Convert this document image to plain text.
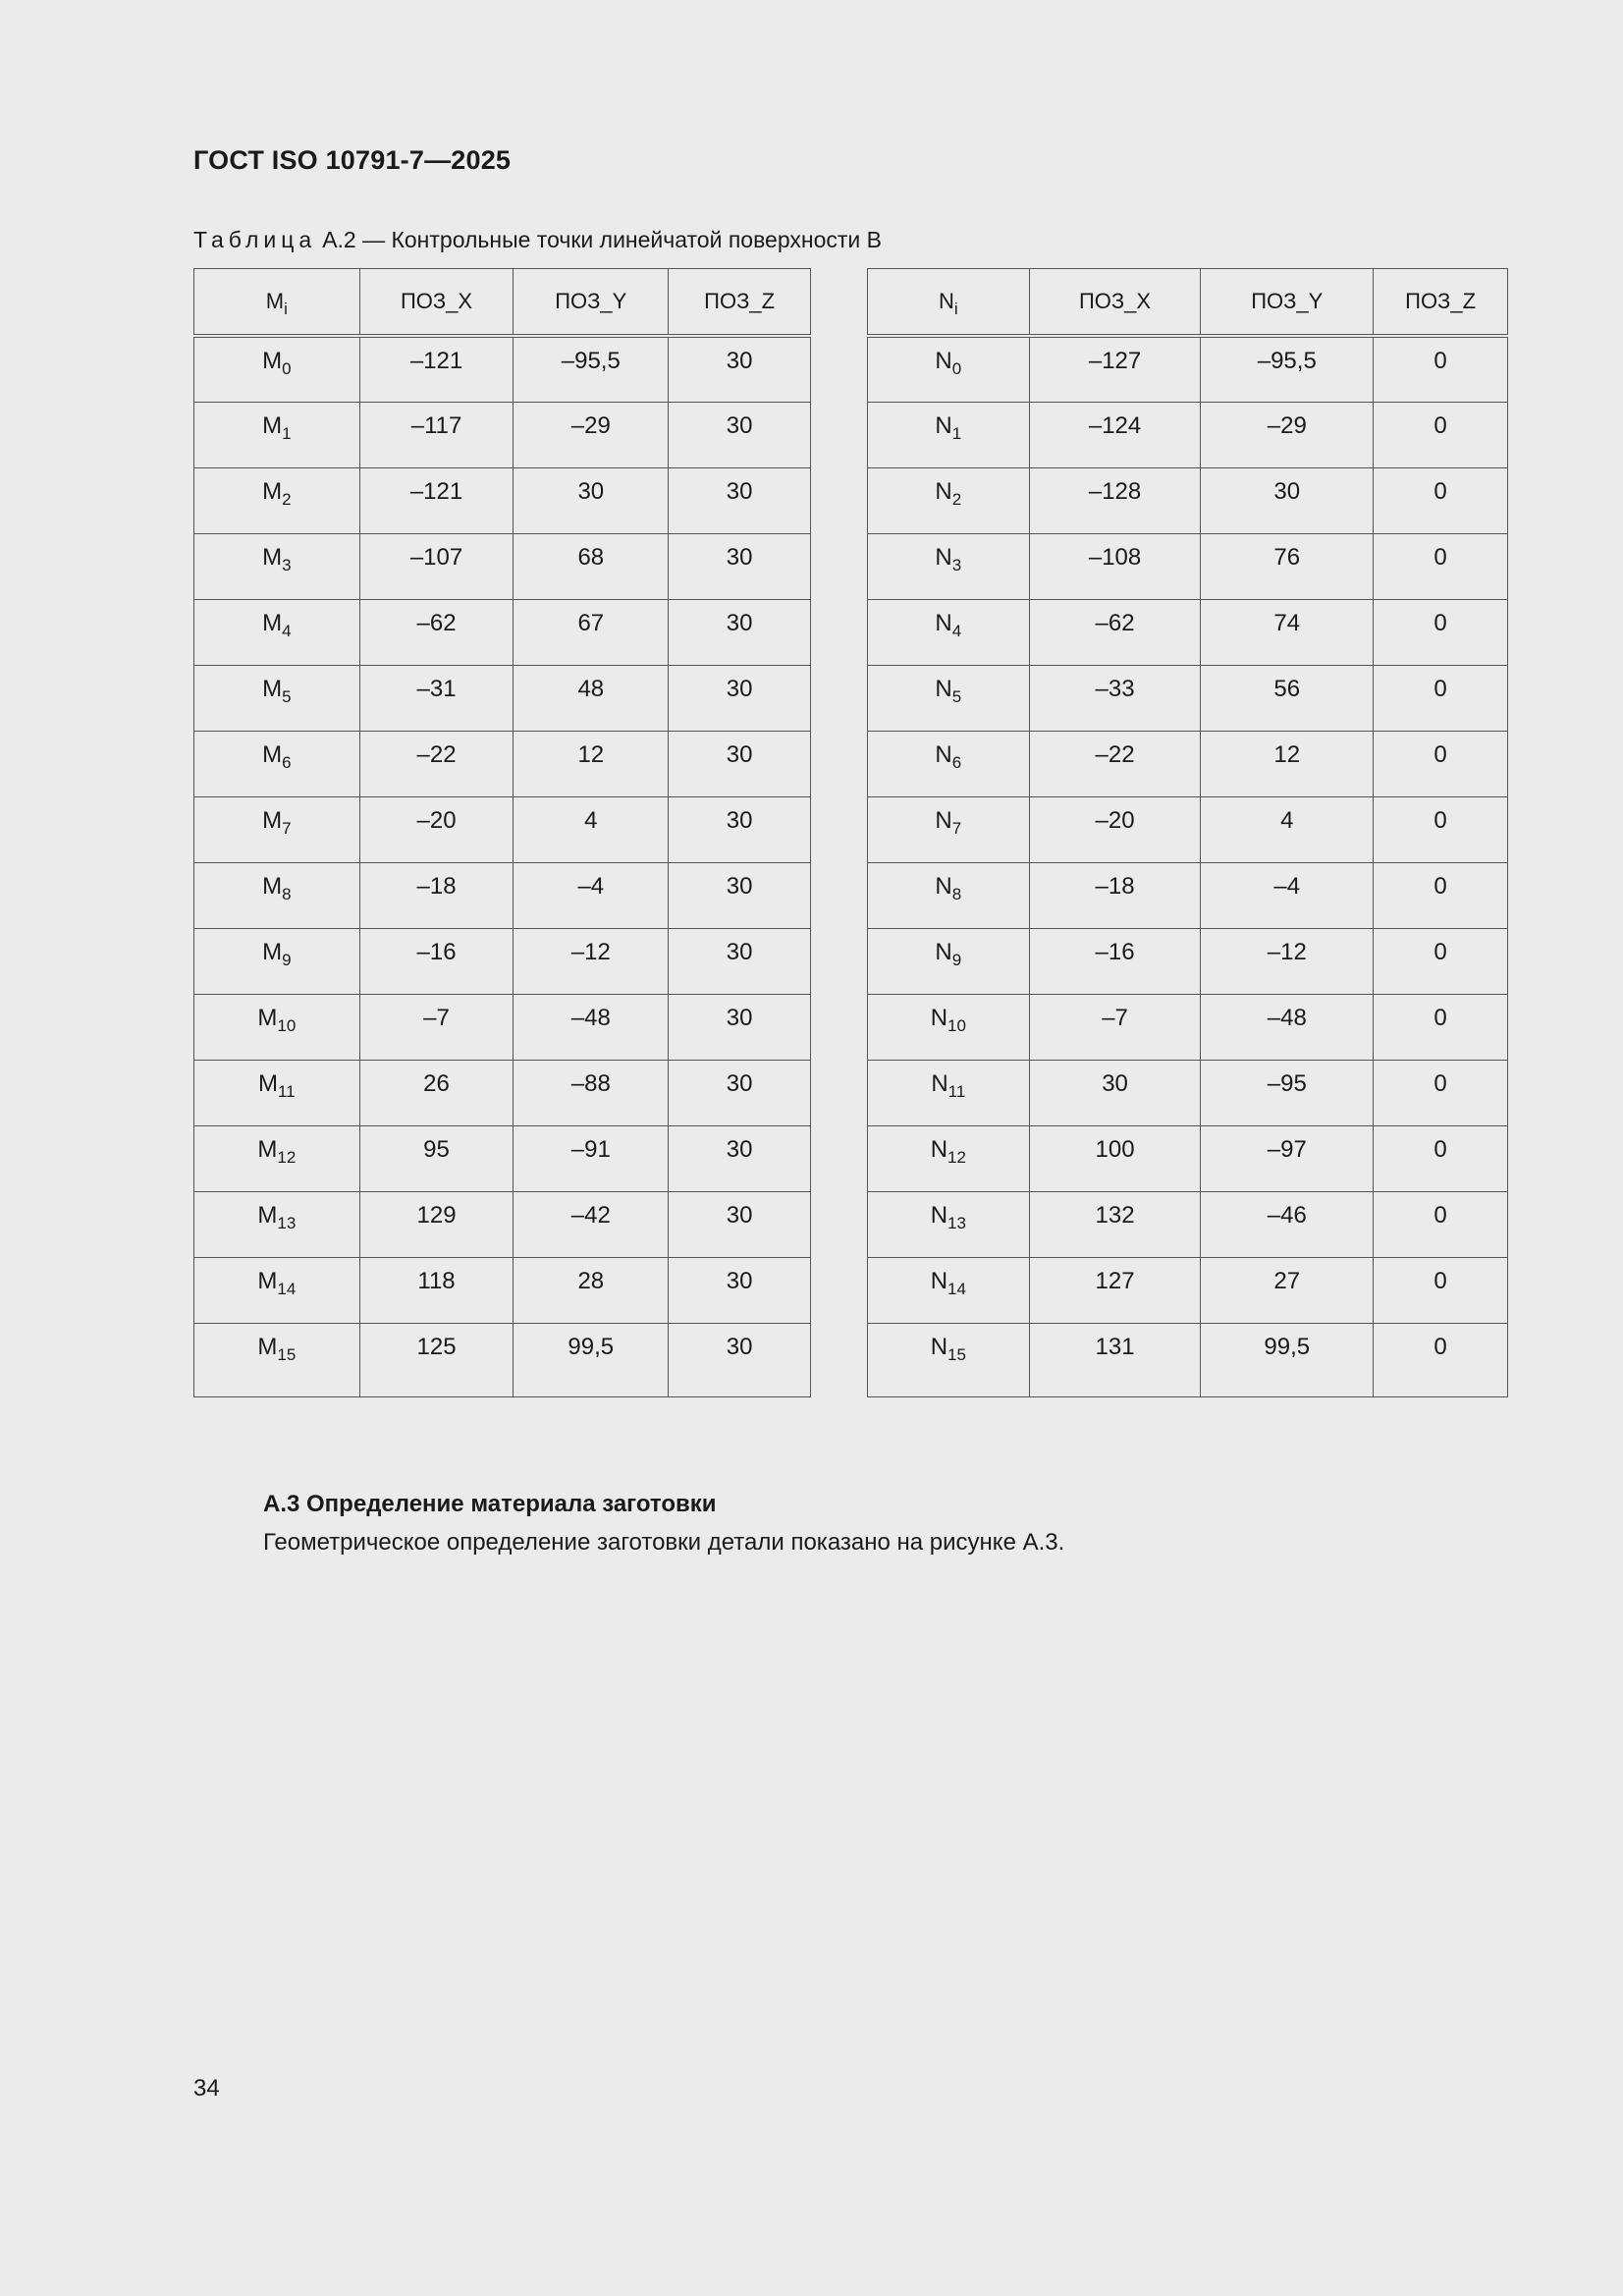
ГОСТ ISO 10791-7—2025
Таблица А.2 — Контрольные точки линейчатой поверхности B
$M_i$	ПОЗ_X	ПОЗ_Y	ПОЗ_Z
$M_0$	–121	–95,5	30
$M_1$	–117	–29	30
$M_2$	–121	30	30
$M_3$	–107	68	30
$M_4$	–62	67	30
$M_5$	–31	48	30
$M_6$	–22	12	30
$M_7$	–20	4	30
$M_8$	–18	–4	30
$M_9$	–16	–12	30
$M_{10}$	–7	–48	30
$M_{11}$	26	–88	30
$M_{12}$	95	–91	30
$M_{13}$	129	–42	30
$M_{14}$	118	28	30
$M_{15}$	125	99,5	30
$N_i$	ПОЗ_X	ПОЗ_Y	ПОЗ_Z
$N_0$	–127	–95,5	0
$N_1$	–124	–29	0
$N_2$	–128	30	0
$N_3$	–108	76	0
$N_4$	–62	74	0
$N_5$	–33	56	0
$N_6$	–22	12	0
$N_7$	–20	4	0
$N_8$	–18	–4	0
$N_9$	–16	–12	0
$N_{10}$	–7	–48	0
$N_{11}$	30	–95	0
$N_{12}$	100	–97	0
$N_{13}$	132	–46	0
$N_{14}$	127	27	0
$N_{15}$	131	99,5	0
А.3 Определение материала заготовки
Геометрическое определение заготовки детали показано на рисунке А.3.
34
